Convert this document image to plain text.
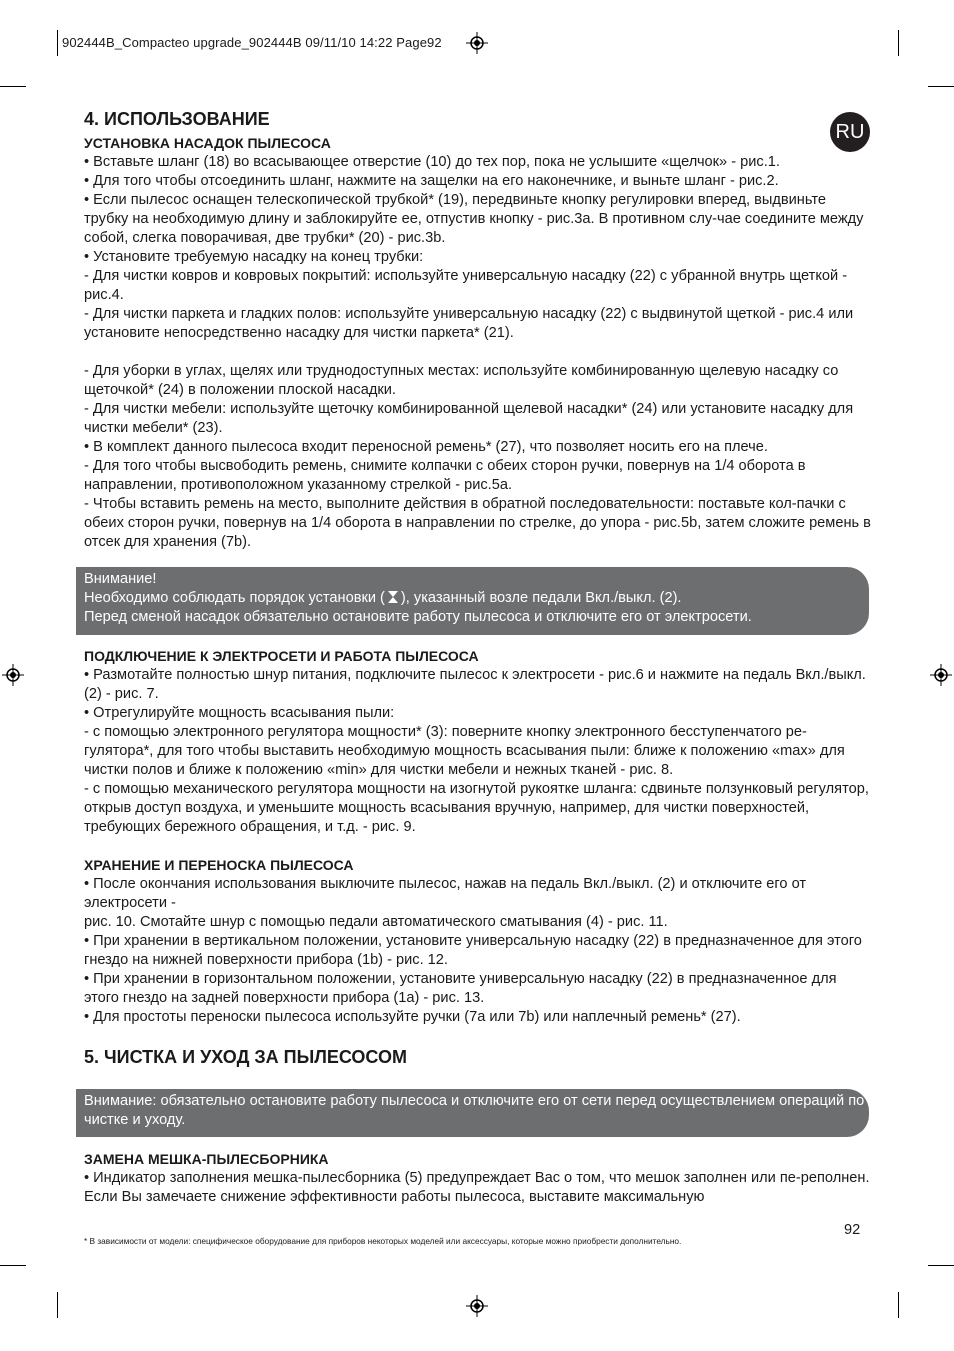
902444B_Compacteo upgrade_902444B 09/11/10 14:22 Page92
RU
4. ИСПОЛЬЗОВАНИЕ
УСТАНОВКА НАСАДОК ПЫЛЕСОСА

• Вставьте шланг (18) во всасывающее отверстие (10) до тех пор, пока не услышите «щелчок» - рис.1.
• Для того чтобы отсоединить шланг, нажмите на защелки на его наконечнике, и выньте шланг - рис.2.
• Если пылесос оснащен телескопической трубкой* (19), передвиньте кнопку регулировки вперед, выдвиньте трубку на необходимую длину и заблокируйте ее, отпустив кнопку - рис.3a. В противном слу-чае соедините между собой, слегка поворачивая, две трубки* (20) - рис.3b.
• Установите требуемую насадку на конец трубки:
- Для чистки ковров и ковровых покрытий: используйте универсальную насадку (22) с убранной внутрь щеткой - рис.4.
- Для чистки паркета и гладких полов: используйте универсальную насадку (22) с выдвинутой щеткой - рис.4 или установите непосредственно насадку для чистки паркета* (21).

- Для уборки в углах, щелях или труднодоступных местах: используйте комбинированную щелевую насадку со щеточкой* (24) в положении плоской насадки.
- Для чистки мебели: используйте щеточку комбинированной щелевой насадки* (24) или установите насадку для чистки мебели* (23).
• В комплект данного пылесоса входит переносной ремень* (27), что позволяет носить его на плече.
- Для того чтобы высвободить ремень, снимите колпачки с обеих сторон ручки, повернув на 1/4 оборота в направлении, противоположном указанному стрелкой - рис.5a.
- Чтобы вставить ремень на место, выполните действия в обратной последовательности: поставьте кол-пачки с обеих сторон ручки, повернув на 1/4 оборота в направлении по стрелке, до упора - рис.5b, затем сложите ремень в отсек для хранения (7b).

Внимание!
Необходимо соблюдать порядок установки ( ), указанный возле педали Вкл./выкл. (2).
Перед сменой насадок обязательно остановите работу пылесоса и отключите его от электросети.
ПОДКЛЮЧЕНИЕ К ЭЛЕКТРОСЕТИ И РАБОТА ПЫЛЕСОСА

• Размотайте полностью шнур питания, подключите пылесос к электросети - рис.6 и нажмите на педаль Вкл./выкл. (2) - рис. 7.
• Отрегулируйте мощность всасывания пыли:
- с помощью электронного регулятора мощности* (3): поверните кнопку электронного бесступенчатого ре-гулятора*, для того чтобы выставить необходимую мощность всасывания пыли: ближе к положению «max» для чистки полов и ближе к положению «min» для чистки мебели и нежных тканей - рис. 8.
- с помощью механического регулятора мощности на изогнутой рукоятке шланга: сдвиньте ползунковый регулятор, открыв доступ воздуха, и уменьшите мощность всасывания вручную, например, для чистки поверхностей, требующих бережного обращения, и т.д. - рис. 9.

ХРАНЕНИЕ И ПЕРЕНОСКА ПЫЛЕСОСА

• После окончания использования выключите пылесос, нажав на педаль Вкл./выкл. (2) и отключите его от электросети -
рис. 10. Смотайте шнур с помощью педали автоматического сматывания (4) - рис. 11.
• При хранении в вертикальном положении, установите универсальную насадку (22) в предназначенное для этого гнездо на нижней поверхности прибора (1b) - рис. 12.
• При хранении в горизонтальном положении, установите универсальную насадку (22) в предназначенное для этого гнездо на задней поверхности прибора (1a) - рис. 13.
• Для простоты переноски пылесоса используйте ручки (7a или 7b) или наплечный ремень* (27).

5. ЧИСТКА И УХОД ЗА ПЫЛЕСОСОМ
Внимание: обязательно остановите работу пылесоса и отключите его от сети перед осуществлением операций по чистке и уходу.
ЗАМЕНА МЕШКА-ПЫЛЕСБОРНИКА

• Индикатор заполнения мешка-пылесборника (5) предупреждает Вас о том, что мешок заполнен или пе-реполнен. Если Вы замечаете снижение эффективности работы пылесоса, выставите максимальную

92
* В зависимости от модели: специфическое оборудование для приборов некоторых моделей или аксессуары, которые можно приобрести дополнительно.
